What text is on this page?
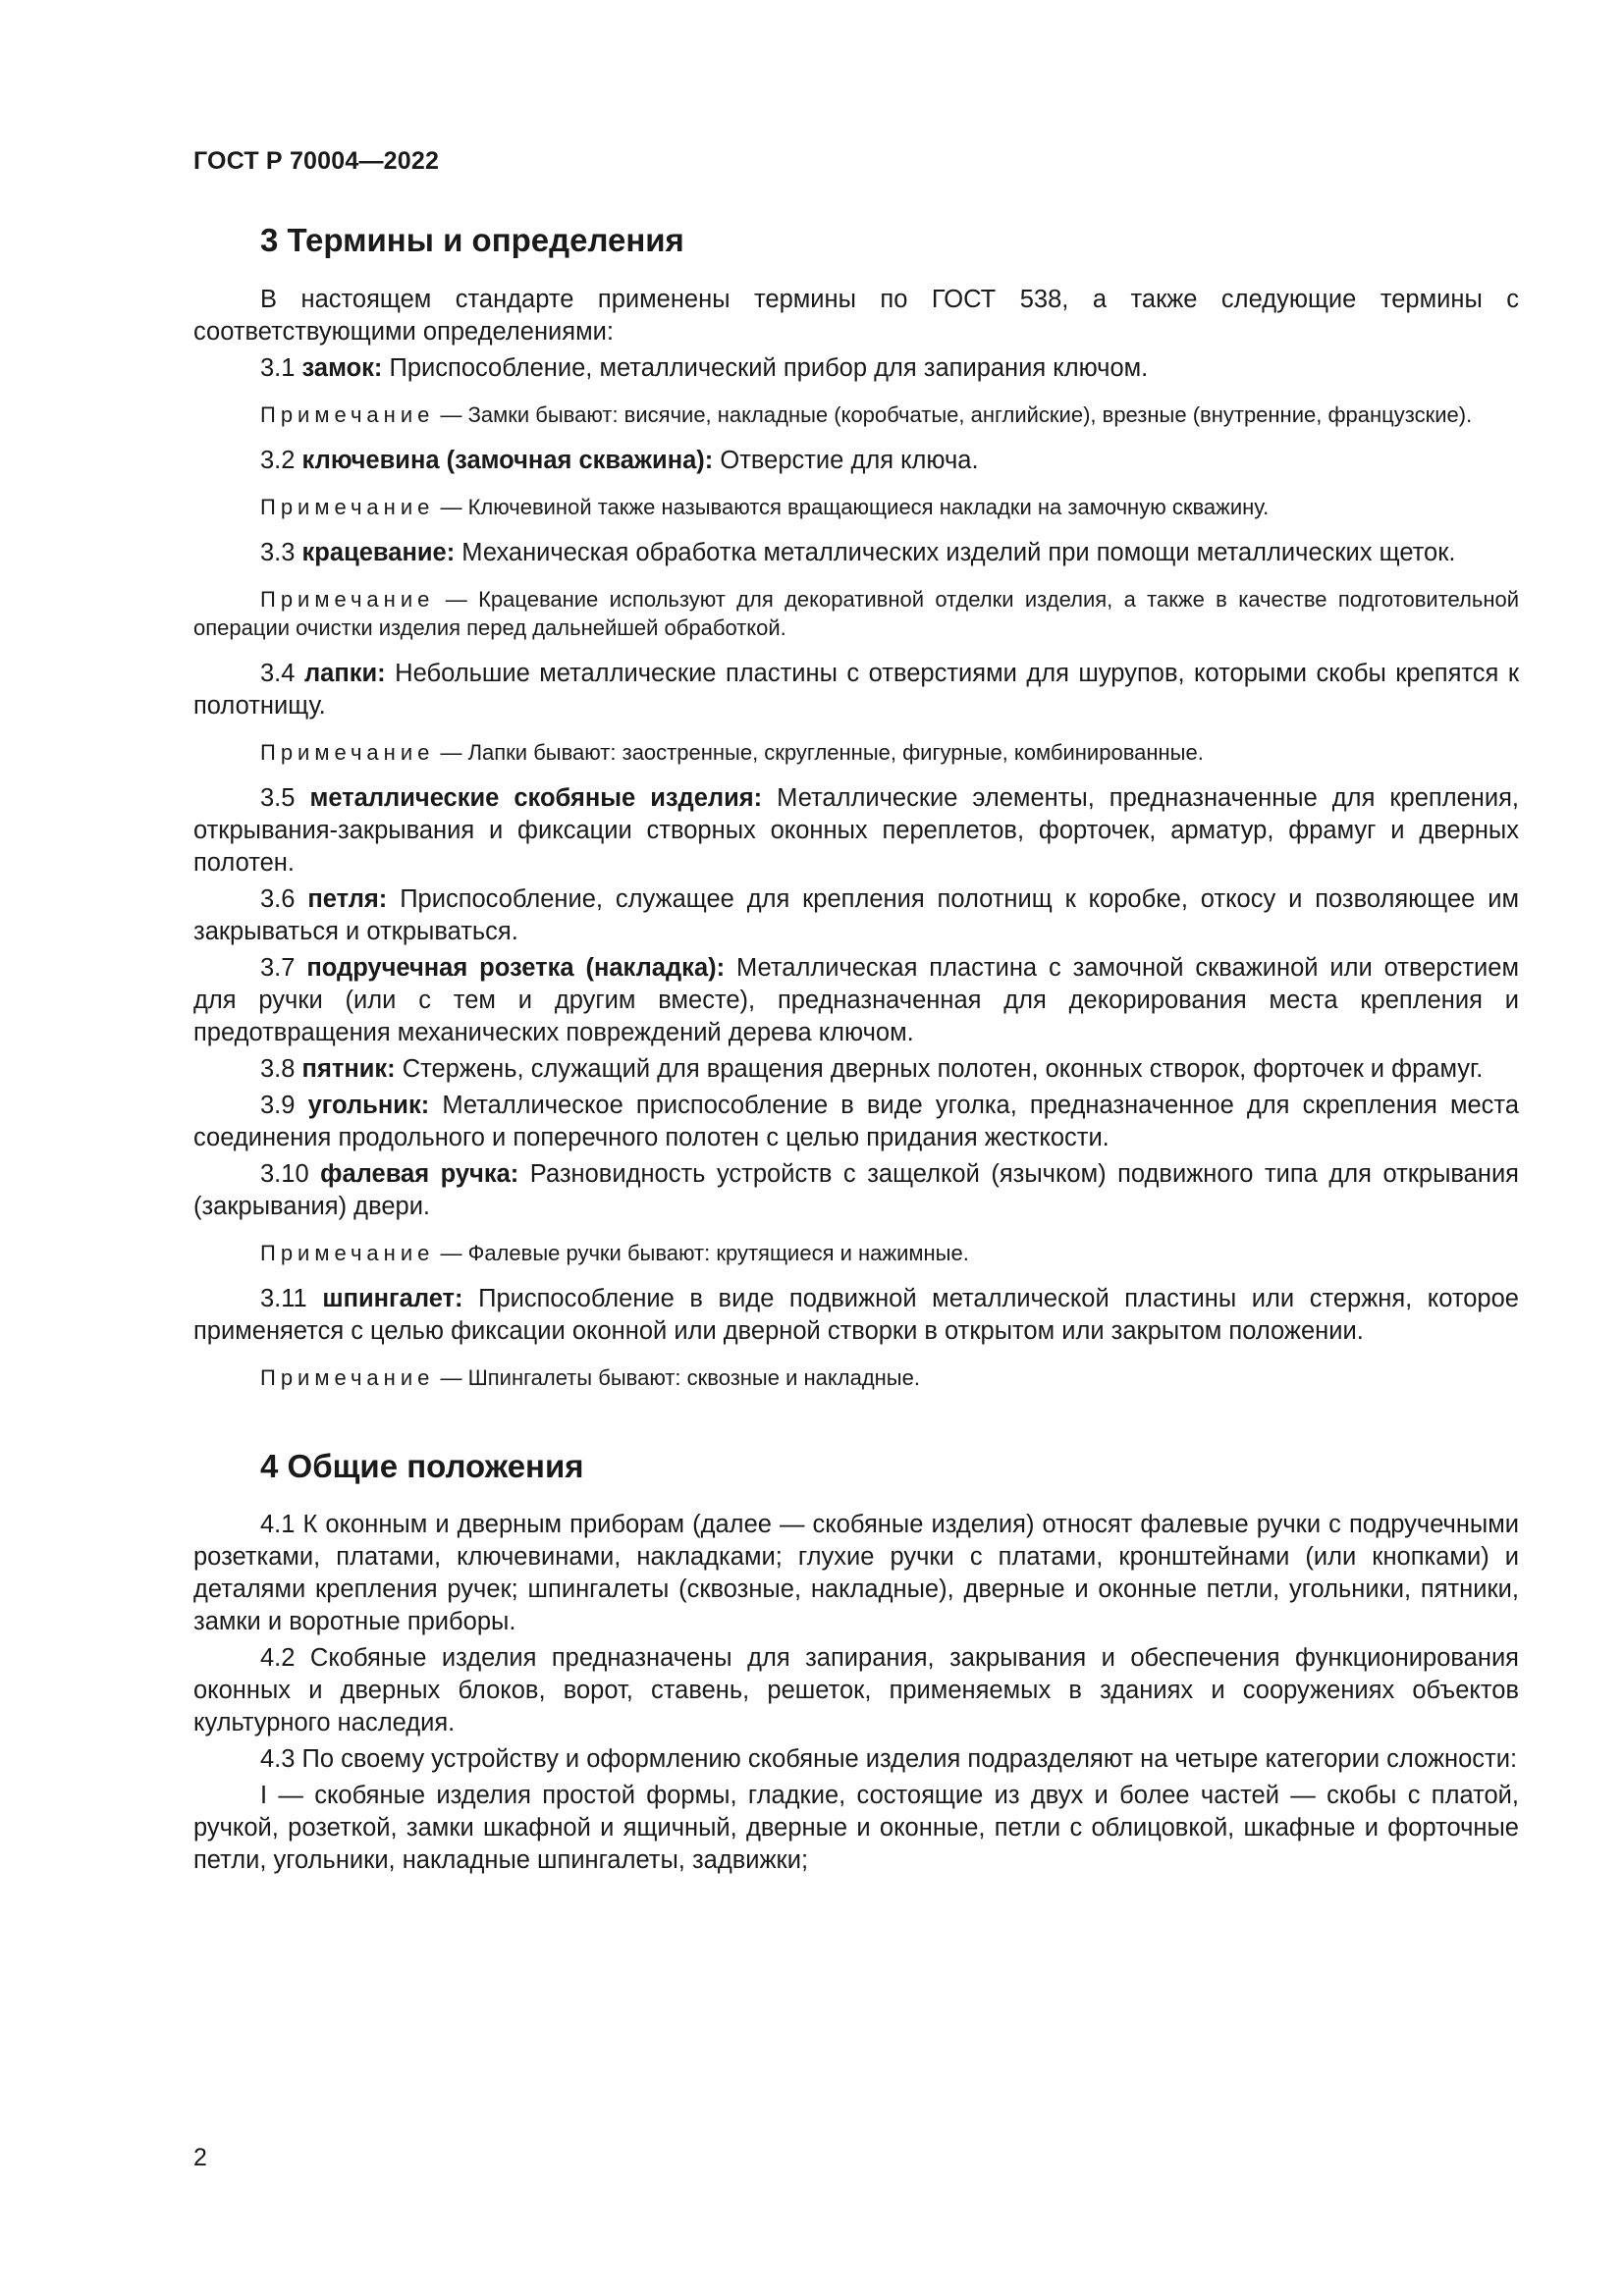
ГОСТ Р 70004—2022
3 Термины и определения

В настоящем стандарте применены термины по ГОСТ 538, а также следующие термины с соответствующими определениями:

3.1 замок: Приспособление, металлический прибор для запирания ключом.

Примечание — Замки бывают: висячие, накладные (коробчатые, английские), врезные (внутренние, французские).

3.2 ключевина (замочная скважина): Отверстие для ключа.

Примечание — Ключевиной также называются вращающиеся накладки на замочную скважину.

3.3 крацевание: Механическая обработка металлических изделий при помощи металлических щеток.

Примечание — Крацевание используют для декоративной отделки изделия, а также в качестве подготовительной операции очистки изделия перед дальнейшей обработкой.

3.4 лапки: Небольшие металлические пластины с отверстиями для шурупов, которыми скобы крепятся к полотнищу.

Примечание — Лапки бывают: заостренные, скругленные, фигурные, комбинированные.

3.5 металлические скобяные изделия: Металлические элементы, предназначенные для крепления, открывания-закрывания и фиксации створных оконных переплетов, форточек, арматур, фрамуг и дверных полотен.

3.6 петля: Приспособление, служащее для крепления полотнищ к коробке, откосу и позволяющее им закрываться и открываться.

3.7 подручечная розетка (накладка): Металлическая пластина с замочной скважиной или отверстием для ручки (или с тем и другим вместе), предназначенная для декорирования места крепления и предотвращения механических повреждений дерева ключом.

3.8 пятник: Стержень, служащий для вращения дверных полотен, оконных створок, форточек и фрамуг.

3.9 угольник: Металлическое приспособление в виде уголка, предназначенное для скрепления места соединения продольного и поперечного полотен с целью придания жесткости.

3.10 фалевая ручка: Разновидность устройств с защелкой (язычком) подвижного типа для открывания (закрывания) двери.

Примечание — Фалевые ручки бывают: крутящиеся и нажимные.

3.11 шпингалет: Приспособление в виде подвижной металлической пластины или стержня, которое применяется с целью фиксации оконной или дверной створки в открытом или закрытом положении.

Примечание — Шпингалеты бывают: сквозные и накладные.

4 Общие положения

4.1 К оконным и дверным приборам (далее — скобяные изделия) относят фалевые ручки с подручечными розетками, платами, ключевинами, накладками; глухие ручки с платами, кронштейнами (или кнопками) и деталями крепления ручек; шпингалеты (сквозные, накладные), дверные и оконные петли, угольники, пятники, замки и воротные приборы.

4.2 Скобяные изделия предназначены для запирания, закрывания и обеспечения функционирования оконных и дверных блоков, ворот, ставень, решеток, применяемых в зданиях и сооружениях объектов культурного наследия.

4.3 По своему устройству и оформлению скобяные изделия подразделяют на четыре категории сложности:

I — скобяные изделия простой формы, гладкие, состоящие из двух и более частей — скобы с платой, ручкой, розеткой, замки шкафной и ящичный, дверные и оконные, петли с облицовкой, шкафные и форточные петли, угольники, накладные шпингалеты, задвижки;

2
